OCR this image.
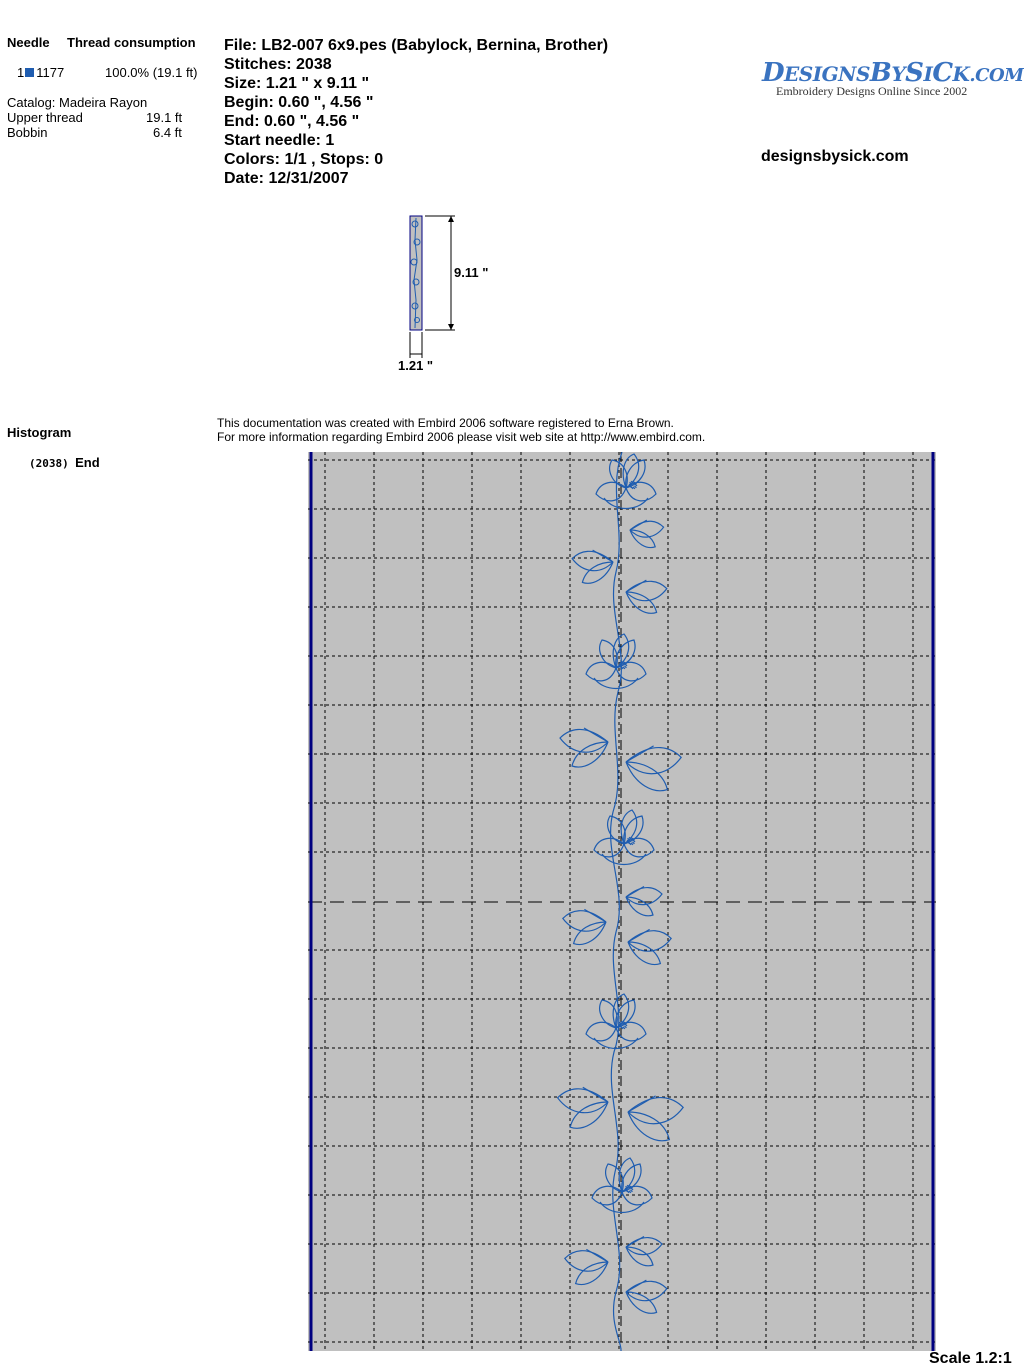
Needle Thread consumption
1 1177	100.0% (19.1 ft)
Catalog: Madeira Rayon
Upper thread	19.1 ft
Bobbin	6.4 ft
File: LB2-007 6x9.pes (Babylock, Bernina, Brother)
Stitches: 2038
Size: 1.21 " x 9.11 "
Begin: 0.60 ", 4.56 "
End: 0.60 ", 4.56 "
Start needle: 1
Colors: 1/1 , Stops: 0
Date: 12/31/2007
DESIGNSBYSICK.COM
Embroidery Designs Online Since 2002
designsbysick.com
9.11 "
1.21 "
Histogram
(2038) End
This documentation was created with Embird 2006 software registered to Erna Brown.
For more information regarding Embird 2006 please visit web site at http://www.embird.com.
Scale 1.2:1
